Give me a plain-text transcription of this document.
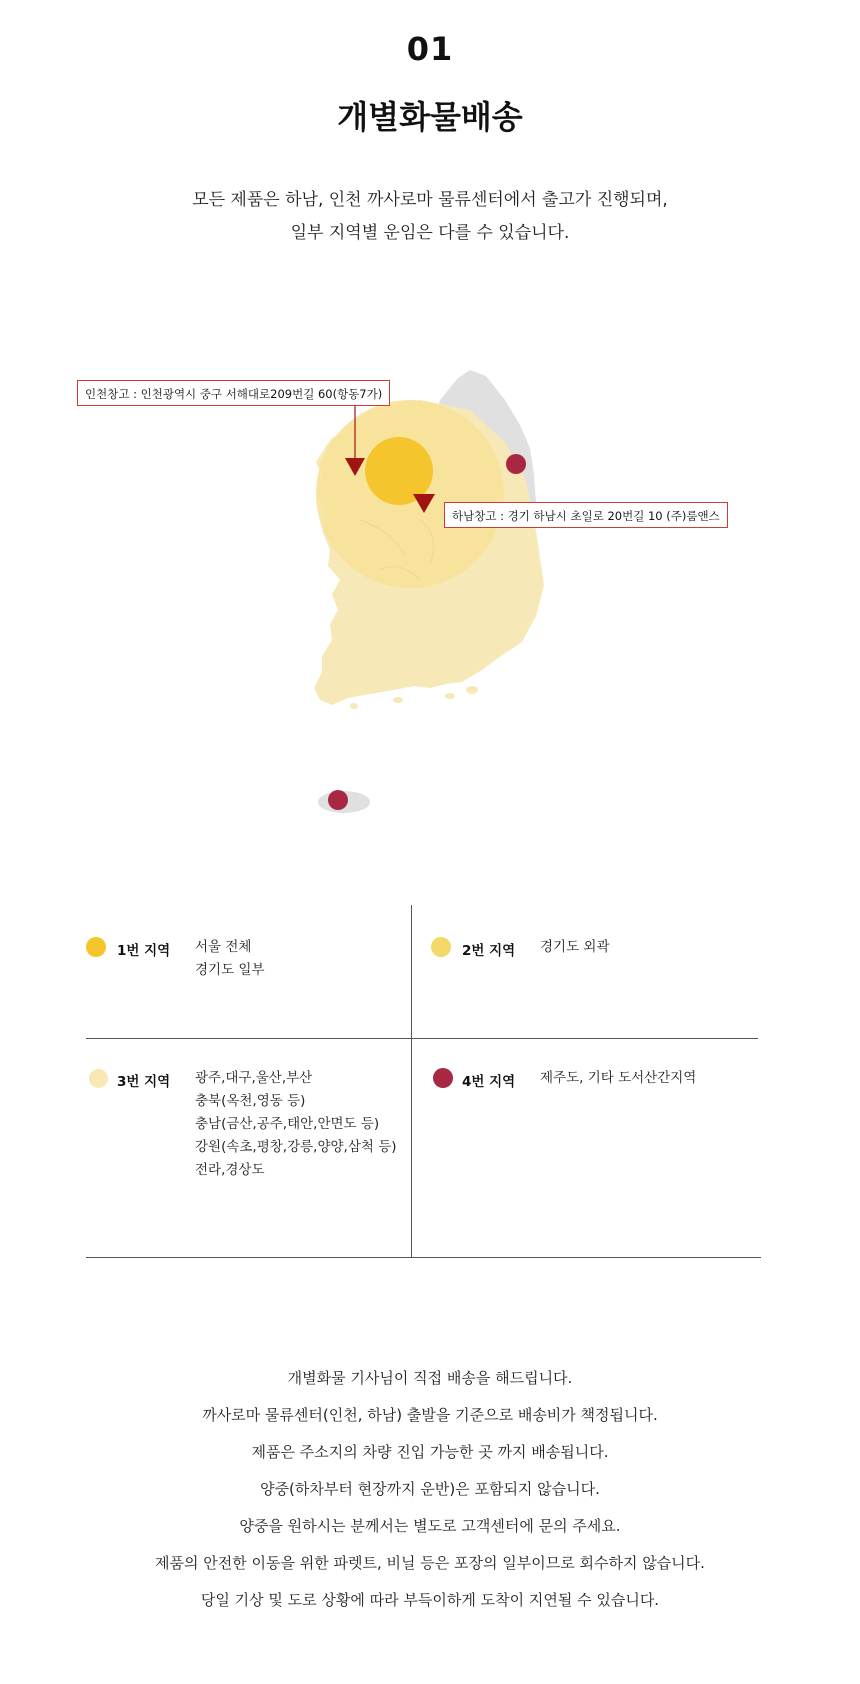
01
개별화물배송
모든 제품은 하남, 인천 까사로마 물류센터에서 출고가 진행되며,
일부 지역별 운임은 다를 수 있습니다.
인천창고 : 인천광역시 중구 서해대로209번길 60(항동7가)
하남창고 : 경기 하남시 초일로 20번길 10 (주)룸앤스
1번 지역 서울 전체
경기도 일부
2번 지역 경기도 외곽
3번 지역 광주,대구,울산,부산
충북(옥천,영동 등)
충남(금산,공주,태안,안면도 등)
강원(속초,평창,강릉,양양,삼척 등)
전라,경상도
4번 지역 제주도, 기타 도서산간지역
개별화물 기사님이 직접 배송을 해드립니다.
까사로마 물류센터(인천, 하남) 출발을 기준으로 배송비가 책정됩니다.
제품은 주소지의 차량 진입 가능한 곳 까지 배송됩니다.
양중(하차부터 현장까지 운반)은 포함되지 않습니다.
양중을 원하시는 분께서는 별도로 고객센터에 문의 주세요.
제품의 안전한 이동을 위한 파렛트, 비닐 등은 포장의 일부이므로 회수하지 않습니다.
당일 기상 및 도로 상황에 따라 부득이하게 도착이 지연될 수 있습니다.
